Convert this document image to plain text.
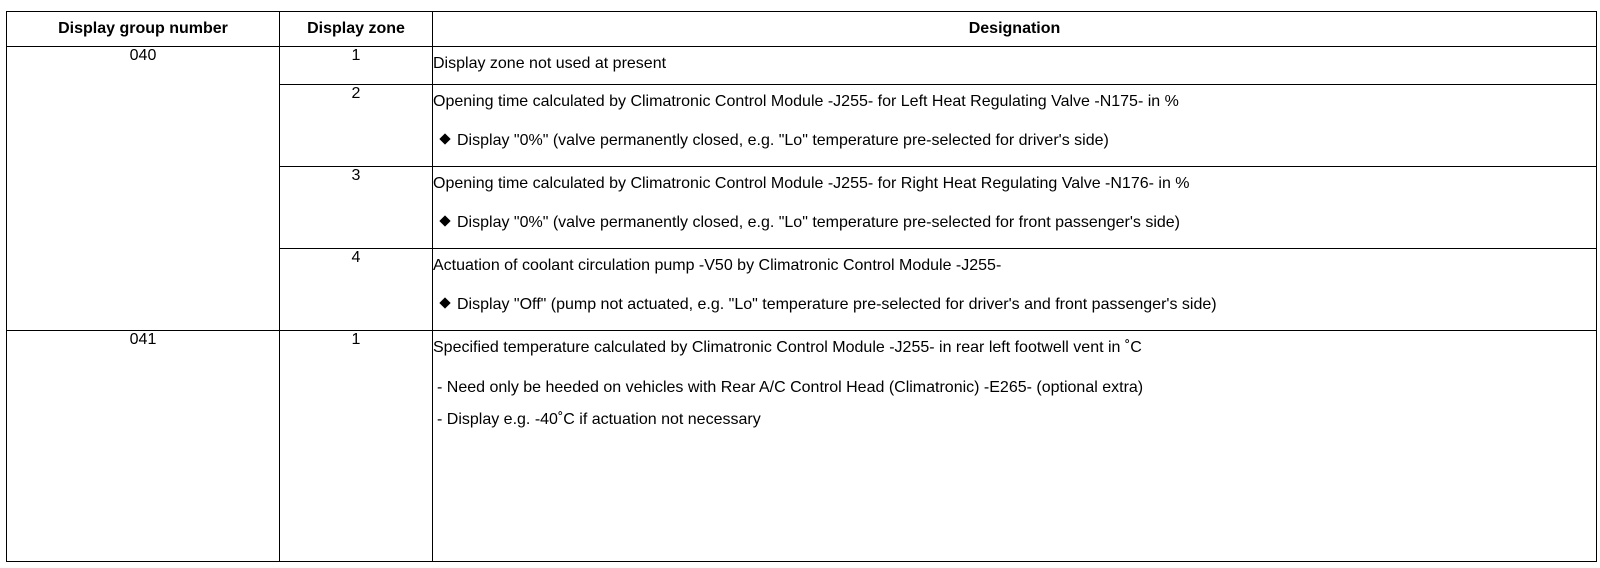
Display group number	Display zone	Designation
040	1	Display zone not used at present

	2	Opening time calculated by Climatronic Control Module -J255- for Left Heat Regulating Valve -N175- in %
Display "0%" (valve permanently closed, e.g. "Lo" temperature pre-selected for driver's side)

	3	Opening time calculated by Climatronic Control Module -J255- for Right Heat Regulating Valve -N176- in %
Display "0%" (valve permanently closed, e.g. "Lo" temperature pre-selected for front passenger's side)

	4	Actuation of coolant circulation pump -V50 by Climatronic Control Module -J255-
Display "Off" (pump not actuated, e.g. "Lo" temperature pre-selected for driver's and front passenger's side)

041	1	Specified temperature calculated by Climatronic Control Module -J255- in rear left footwell vent in ˚C
- Need only be heeded on vehicles with Rear A/C Control Head (Climatronic) -E265- (optional extra)
- Display e.g. -40˚C if actuation not necessary
